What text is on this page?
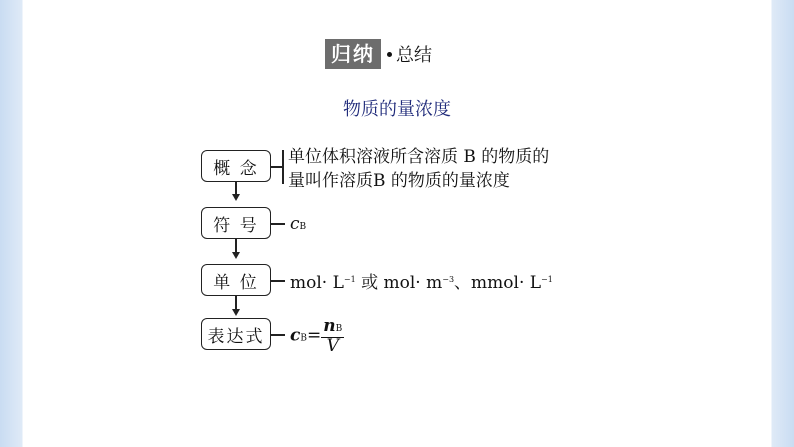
归纳	总结
物质的量浓度
概 念
符 号
单 位
表达式
单位体积溶液所含溶质 B 的物质的
量叫作溶质B 的物质的量浓度
cB
$mol\cdot L^{-1}$ 或 $mol\cdot m^{-3}$、mmol· $L^{-1}$
$cB= \frac{nB}{V}$
